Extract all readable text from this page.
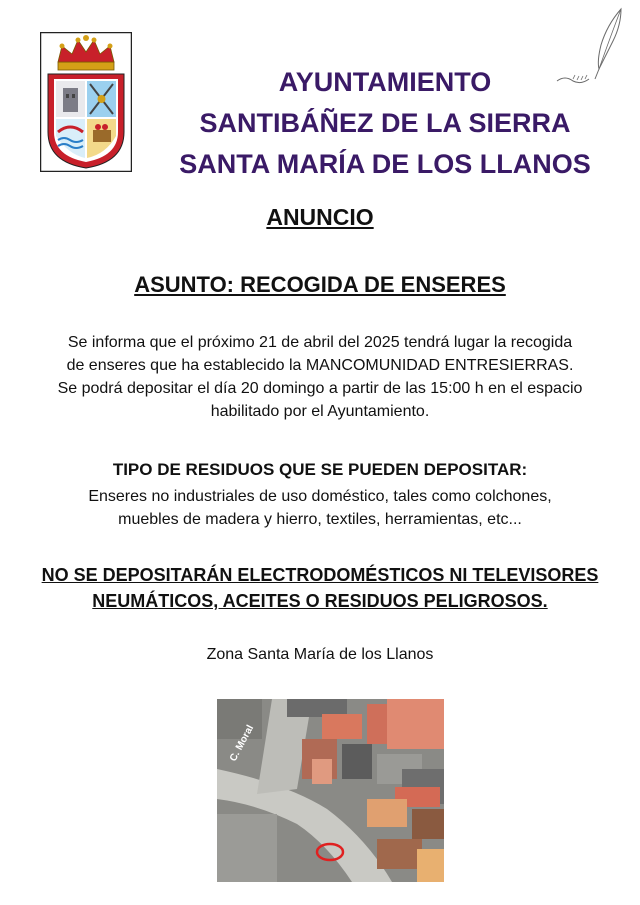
AYUNTAMIENTO
SANTIBÁÑEZ DE LA SIERRA
SANTA MARÍA DE LOS LLANOS
ANUNCIO
ASUNTO: RECOGIDA DE ENSERES
Se informa que el próximo 21 de abril del 2025 tendrá lugar la recogida
de enseres que ha establecido la MANCOMUNIDAD ENTRESIERRAS.
Se podrá depositar el día 20 domingo a partir de las 15:00 h en el espacio
habilitado por el Ayuntamiento.
TIPO DE RESIDUOS QUE SE PUEDEN DEPOSITAR:
Enseres no industriales de uso doméstico, tales como colchones,
muebles de madera y hierro, textiles, herramientas, etc...
NO SE DEPOSITARÁN ELECTRODOMÉSTICOS NI TELEVISORES
NEUMÁTICOS, ACEITES O RESIDUOS PELIGROSOS.
Zona Santa María de los Llanos
C. Moral
